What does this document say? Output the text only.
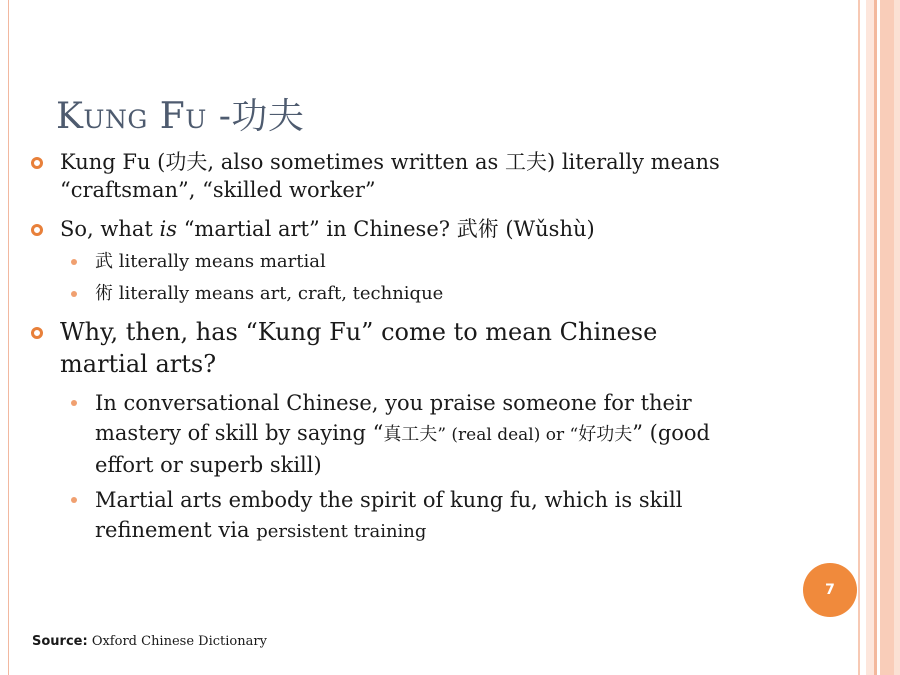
Kung Fu -功夫
Kung Fu (功夫, also sometimes written as 工夫) literally means
“craftsman”, “skilled worker”
So, what is “martial art” in Chinese? 武術 (Wǔshù)
武 literally means martial
術 literally means art, craft, technique
Why, then, has “Kung Fu” come to mean Chinese
martial arts?
In conversational Chinese, you praise someone for their
mastery of skill by saying “真工夫” (real deal) or “好功夫” (good
effort or superb skill)
Martial arts embody the spirit of kung fu, which is skill
refinement via persistent training
7
Source: Oxford Chinese Dictionary
